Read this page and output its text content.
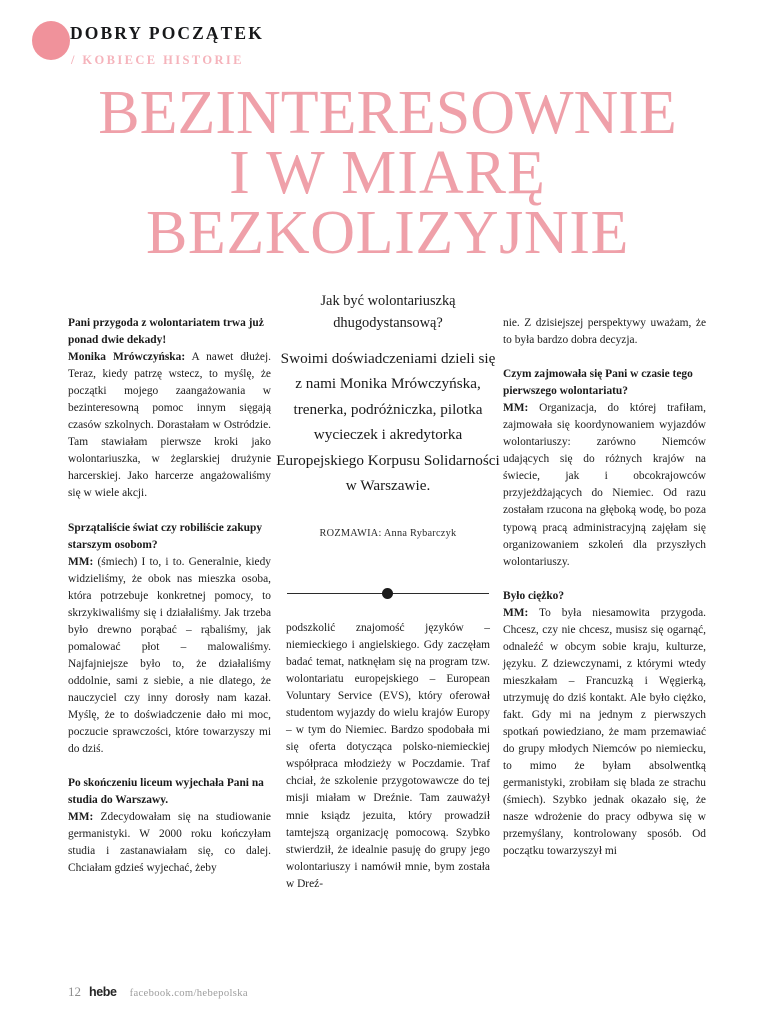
DOBRY POCZĄTEK
/ KOBIECE HISTORIE
BEZINTERESOWNIE
I W MIARĘ
BEZKOLIZYJNIE
Jak być wolontariuszką dhugodystansową?
Swoimi doświadczeniami dzieli się z nami Monika Mrówczyńska, trenerka, podróżniczka, pilotka wycieczek i akredytorka Europejskiego Korpusu Solidarności w Warszawie.
ROZMAWIA: Anna Rybarczyk

Pani przygoda z wolontariatem trwa już ponad dwie dekady!

Monika Mrówczyńska: A nawet dłużej. Teraz, kiedy patrzę wstecz, to myślę, że początki mojego zaangażowania w bezinteresowną pomoc innym sięgają czasów szkolnych. Dorastałam w Ostródzie. Tam stawiałam pierwsze kroki jako wolontariuszka, w żeglarskiej drużynie harcerskiej. Jako harcerze angażowaliśmy się w wiele akcji.

Sprzątaliście świat czy robiliście zakupy starszym osobom?

MM: (śmiech) I to, i to. Generalnie, kiedy widzieliśmy, że obok nas mieszka osoba, która potrzebuje konkretnej pomocy, to skrzykiwaliśmy się i działaliśmy. Jak trzeba było drewno porąbać – rąbaliśmy, jak pomalować płot – malowaliśmy. Najfajniejsze było to, że działaliśmy oddolnie, sami z siebie, a nie dlatego, że nauczyciel czy inny dorosły nam kazał. Myślę, że to doświadczenie dało mi moc, poczucie sprawczości, które towarzyszy mi do dziś.

Po skończeniu liceum wyjechała Pani na studia do Warszawy.

MM: Zdecydowałam się na studiowanie germanistyki. W 2000 roku kończyłam studia i zastanawiałam się, co dalej. Chciałam gdzieś wyjechać, żeby

nie. Z dzisiejszej perspektywy uważam, że to była bardzo dobra decyzja.

Czym zajmowała się Pani w czasie tego pierwszego wolontariatu?

MM: Organizacja, do której trafiłam, zajmowała się koordynowaniem wyjazdów wolontariuszy: zarówno Niemców udających się do różnych krajów na świecie, jak i obcokrajowców przyjeżdżających do Niemiec. Od razu zostałam rzucona na głęboką wodę, bo poza typową pracą administracyjną zajęłam się organizowaniem szkoleń dla przyszłych wolontariuszy.

Było ciężko?

MM: To była niesamowita przygoda. Chcesz, czy nie chcesz, musisz się ogarnąć, odnaleźć w obcym sobie kraju, kulturze, języku. Z dziewczynami, z którymi wtedy mieszkałam – Francuzką i Węgierką, utrzymuję do dziś kontakt. Ale było ciężko, fakt. Gdy mi na jednym z pierwszych spotkań powiedziano, że mam przemawiać do grupy młodych Niemców po niemiecku, to mimo że byłam absolwentką germanistyki, zrobiłam się blada ze strachu (śmiech). Szybko jednak okazało się, że nasze wdrożenie do pracy odbywa się w przemyślany, kontrolowany sposób. Od początku towarzyszył mi

podszkolić znajomość języków – niemieckiego i angielskiego. Gdy zaczęłam badać temat, natknęłam się na program tzw. wolontariatu europejskiego – European Voluntary Service (EVS), który oferował studentom wyjazdy do wielu krajów Europy – w tym do Niemiec. Bardzo spodobała mi się oferta dotycząca polsko-niemieckiej współpraca młodzieży w Poczdamie. Traf chciał, że szkolenie przygotowawcze do tej misji miałam w Dreźnie. Tam zauważył mnie ksiądz jezuita, który prowadził tamtejszą organizację pomocową. Szybko stwierdził, że idealnie pasuję do grupy jego wolontariuszy i namówił mnie, bym została w Dreź-

12 hebe facebook.com/hebepolska
